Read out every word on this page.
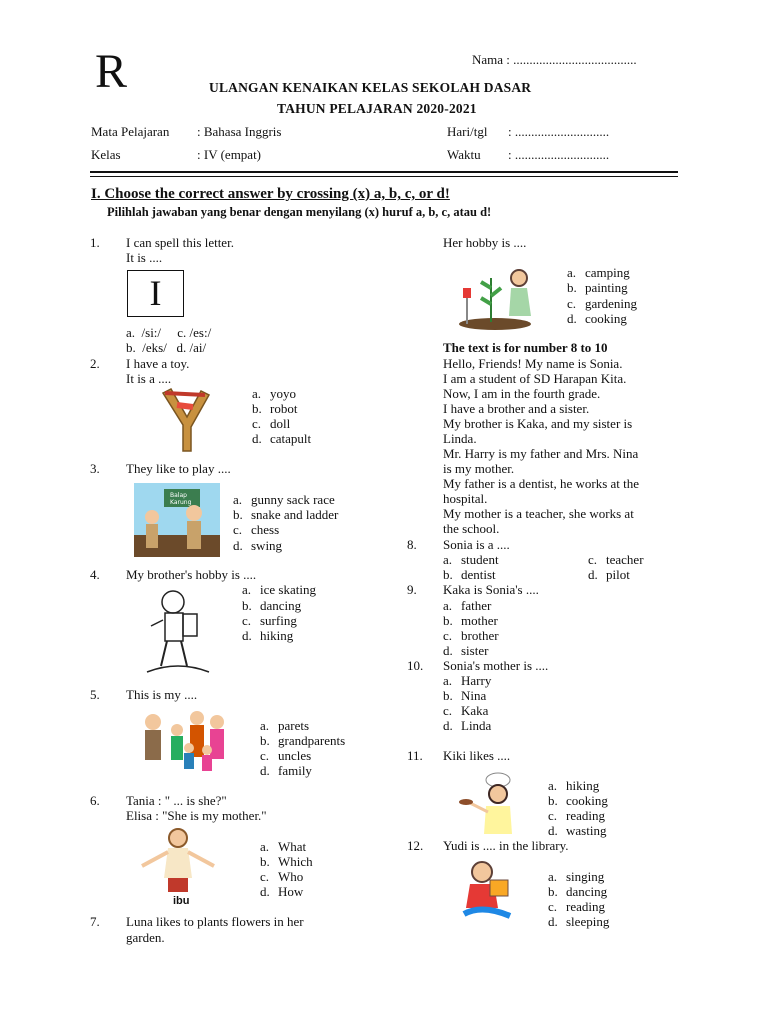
R	Nama : ......................................
ULANGAN KENAIKAN KELAS SEKOLAH DASAR
TAHUN PELAJARAN 2020-2021
Mata Pelajaran : Bahasa Inggris	Hari/tgl : .............................
Kelas	: IV (empat)	Waktu : .............................
I. Choose the correct answer by crossing (x) a, b, c, or d!
Pilihlah jawaban yang benar dengan menyilang (x) huruf a, b, c, atau d!
1. I can spell this letter.
It is ....
I
a.  /si:/     c. /es:/
b.  /eks/   d. /ai/
2. I have a toy.
It is a ....
a. yoyo
b. robot
c. doll
d. catapult
3. They like to play ....
Balap
Karung	a. gunny sack race
b. snake and ladder
c. chess
d. swing
4. My brother's hobby is ....
a. ice skating
b. dancing
c. surfing
d. hiking
5. This is my ....
a. parets
b. grandparents
c. uncles
d. family
6. Tania : " ... is she?"
Elisa : "She is my mother."
ibu
a. What
b. Which
c. Who
d. How
7. Luna likes to plants flowers in her
garden.
Her hobby is ....
a. camping
b. painting
c. gardening
d. cooking
The text is for number 8 to 10
Hello, Friends! My name is Sonia.
I am a student of SD Harapan Kita.
Now, I am in the fourth grade.
I have a brother and a sister.
My brother is Kaka, and my sister is
Linda.
Mr. Harry is my father and Mrs. Nina
is my mother.
My father is a dentist, he works at the
hospital.
My mother is a teacher, she works at
the school.
8. Sonia is a ....
a. student
b. dentist
c. teacher
d. pilot
9. Kaka is Sonia's ....
a. father
b. mother
c. brother
d. sister
10. Sonia's mother is ....
a. Harry
b. Nina
c. Kaka
d. Linda
11. Kiki likes ....
a. hiking
b. cooking
c. reading
d. wasting
12. Yudi is .... in the library.
a. singing
b. dancing
c. reading
d. sleeping
